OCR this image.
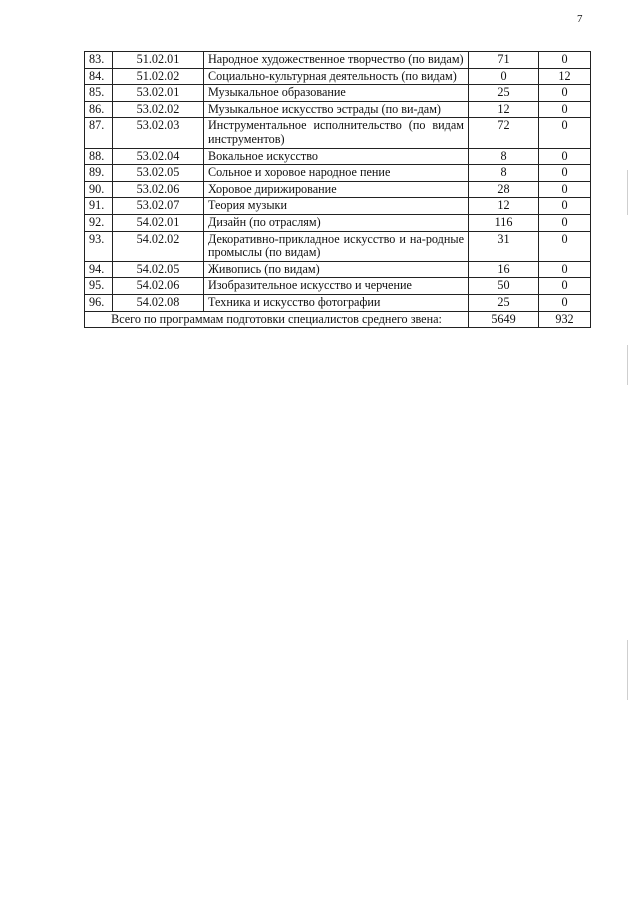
7
83.	51.02.01	Народное художественное творчество (по видам)	71	0
84.	51.02.02	Социально-культурная деятельность (по видам)	0	12
85.	53.02.01	Музыкальное образование	25	0
86.	53.02.02	Музыкальное искусство эстрады (по ви-дам)	12	0
87.	53.02.03	Инструментальное исполнительство (по видам инструментов)	72	0
88.	53.02.04	Вокальное искусство	8	0
89.	53.02.05	Сольное и хоровое народное пение	8	0
90.	53.02.06	Хоровое дирижирование	28	0
91.	53.02.07	Теория музыки	12	0
92.	54.02.01	Дизайн (по отраслям)	116	0
93.	54.02.02	Декоративно-прикладное искусство и на-родные промыслы (по видам)	31	0
94.	54.02.05	Живопись (по видам)	16	0
95.	54.02.06	Изобразительное искусство и черчение	50	0
96.	54.02.08	Техника и искусство фотографии	25	0
Всего по программам подготовки специалистов среднего звена:			5649	932
